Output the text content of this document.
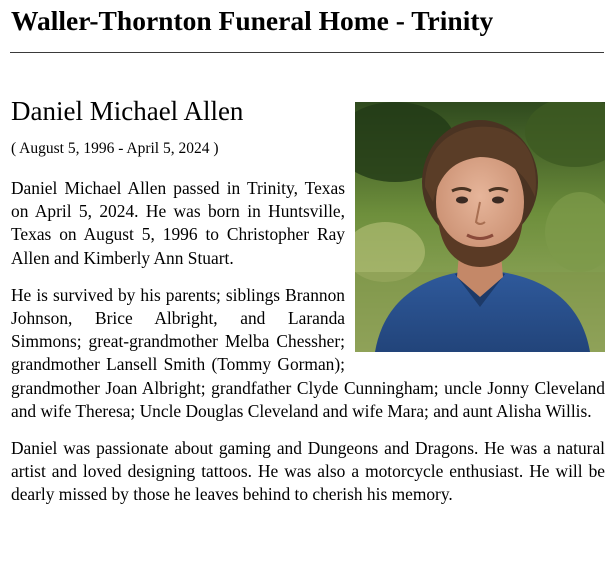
Waller-Thornton Funeral Home - Trinity
Daniel Michael Allen

( August 5, 1996 - April 5, 2024 )

Daniel Michael Allen passed in Trinity, Texas on April 5, 2024. He was born in Huntsville, Texas on August 5, 1996 to Christopher Ray Allen and Kimberly Ann Stuart.

He is survived by his parents; siblings Brannon Johnson, Brice Albright, and Laranda Simmons; great-grandmother Melba Chessher; grandmother Lansell Smith (Tommy Gorman); grandmother Joan Albright; grandfather Clyde Cunningham; uncle Jonny Cleveland and wife Theresa; Uncle Douglas Cleveland and wife Mara; and aunt Alisha Willis.

Daniel was passionate about gaming and Dungeons and Dragons. He was a natural artist and loved designing tattoos. He was also a motorcycle enthusiast. He will be dearly missed by those he leaves behind to cherish his memory.
